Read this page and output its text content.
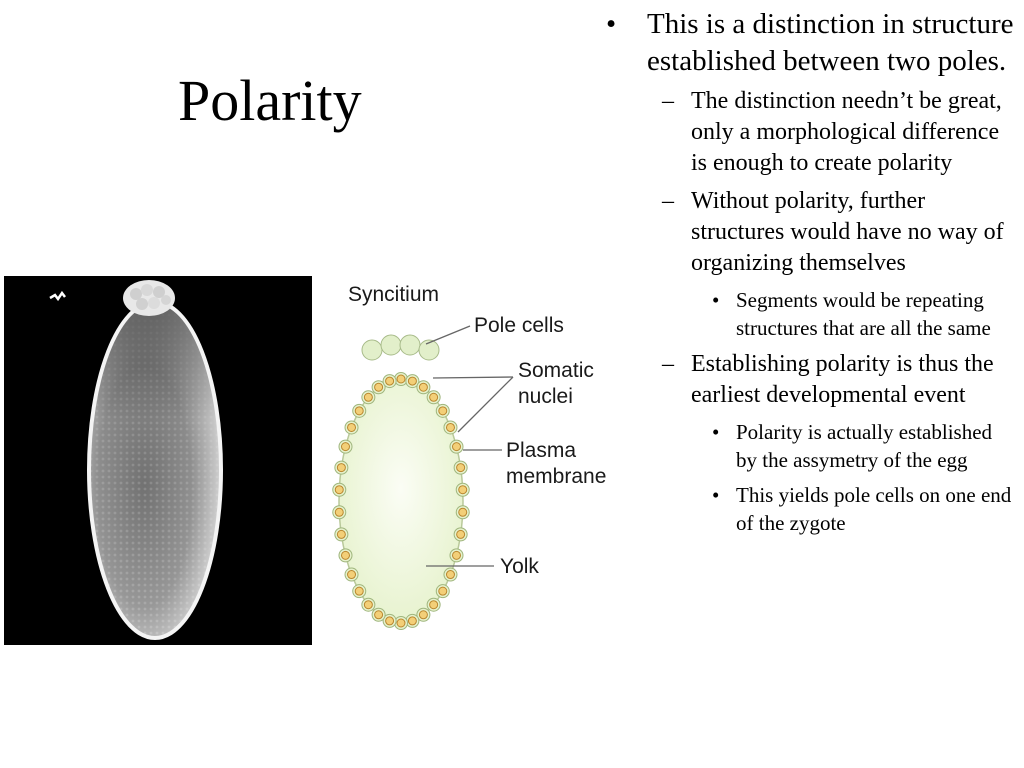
Polarity
Syncitium
Pole cells
Somatic
nuclei
Plasma
membrane
Yolk
• This is a distinction in structure established between two poles.
– The distinction needn’t be great, only a morphological difference is enough to create polarity
– Without polarity, further structures would have no way of organizing themselves
• Segments would be repeating structures that are all the same
– Establishing polarity is thus the earliest developmental event
• Polarity is actually established by the assymetry of the egg
• This yields pole cells on one end of the zygote
